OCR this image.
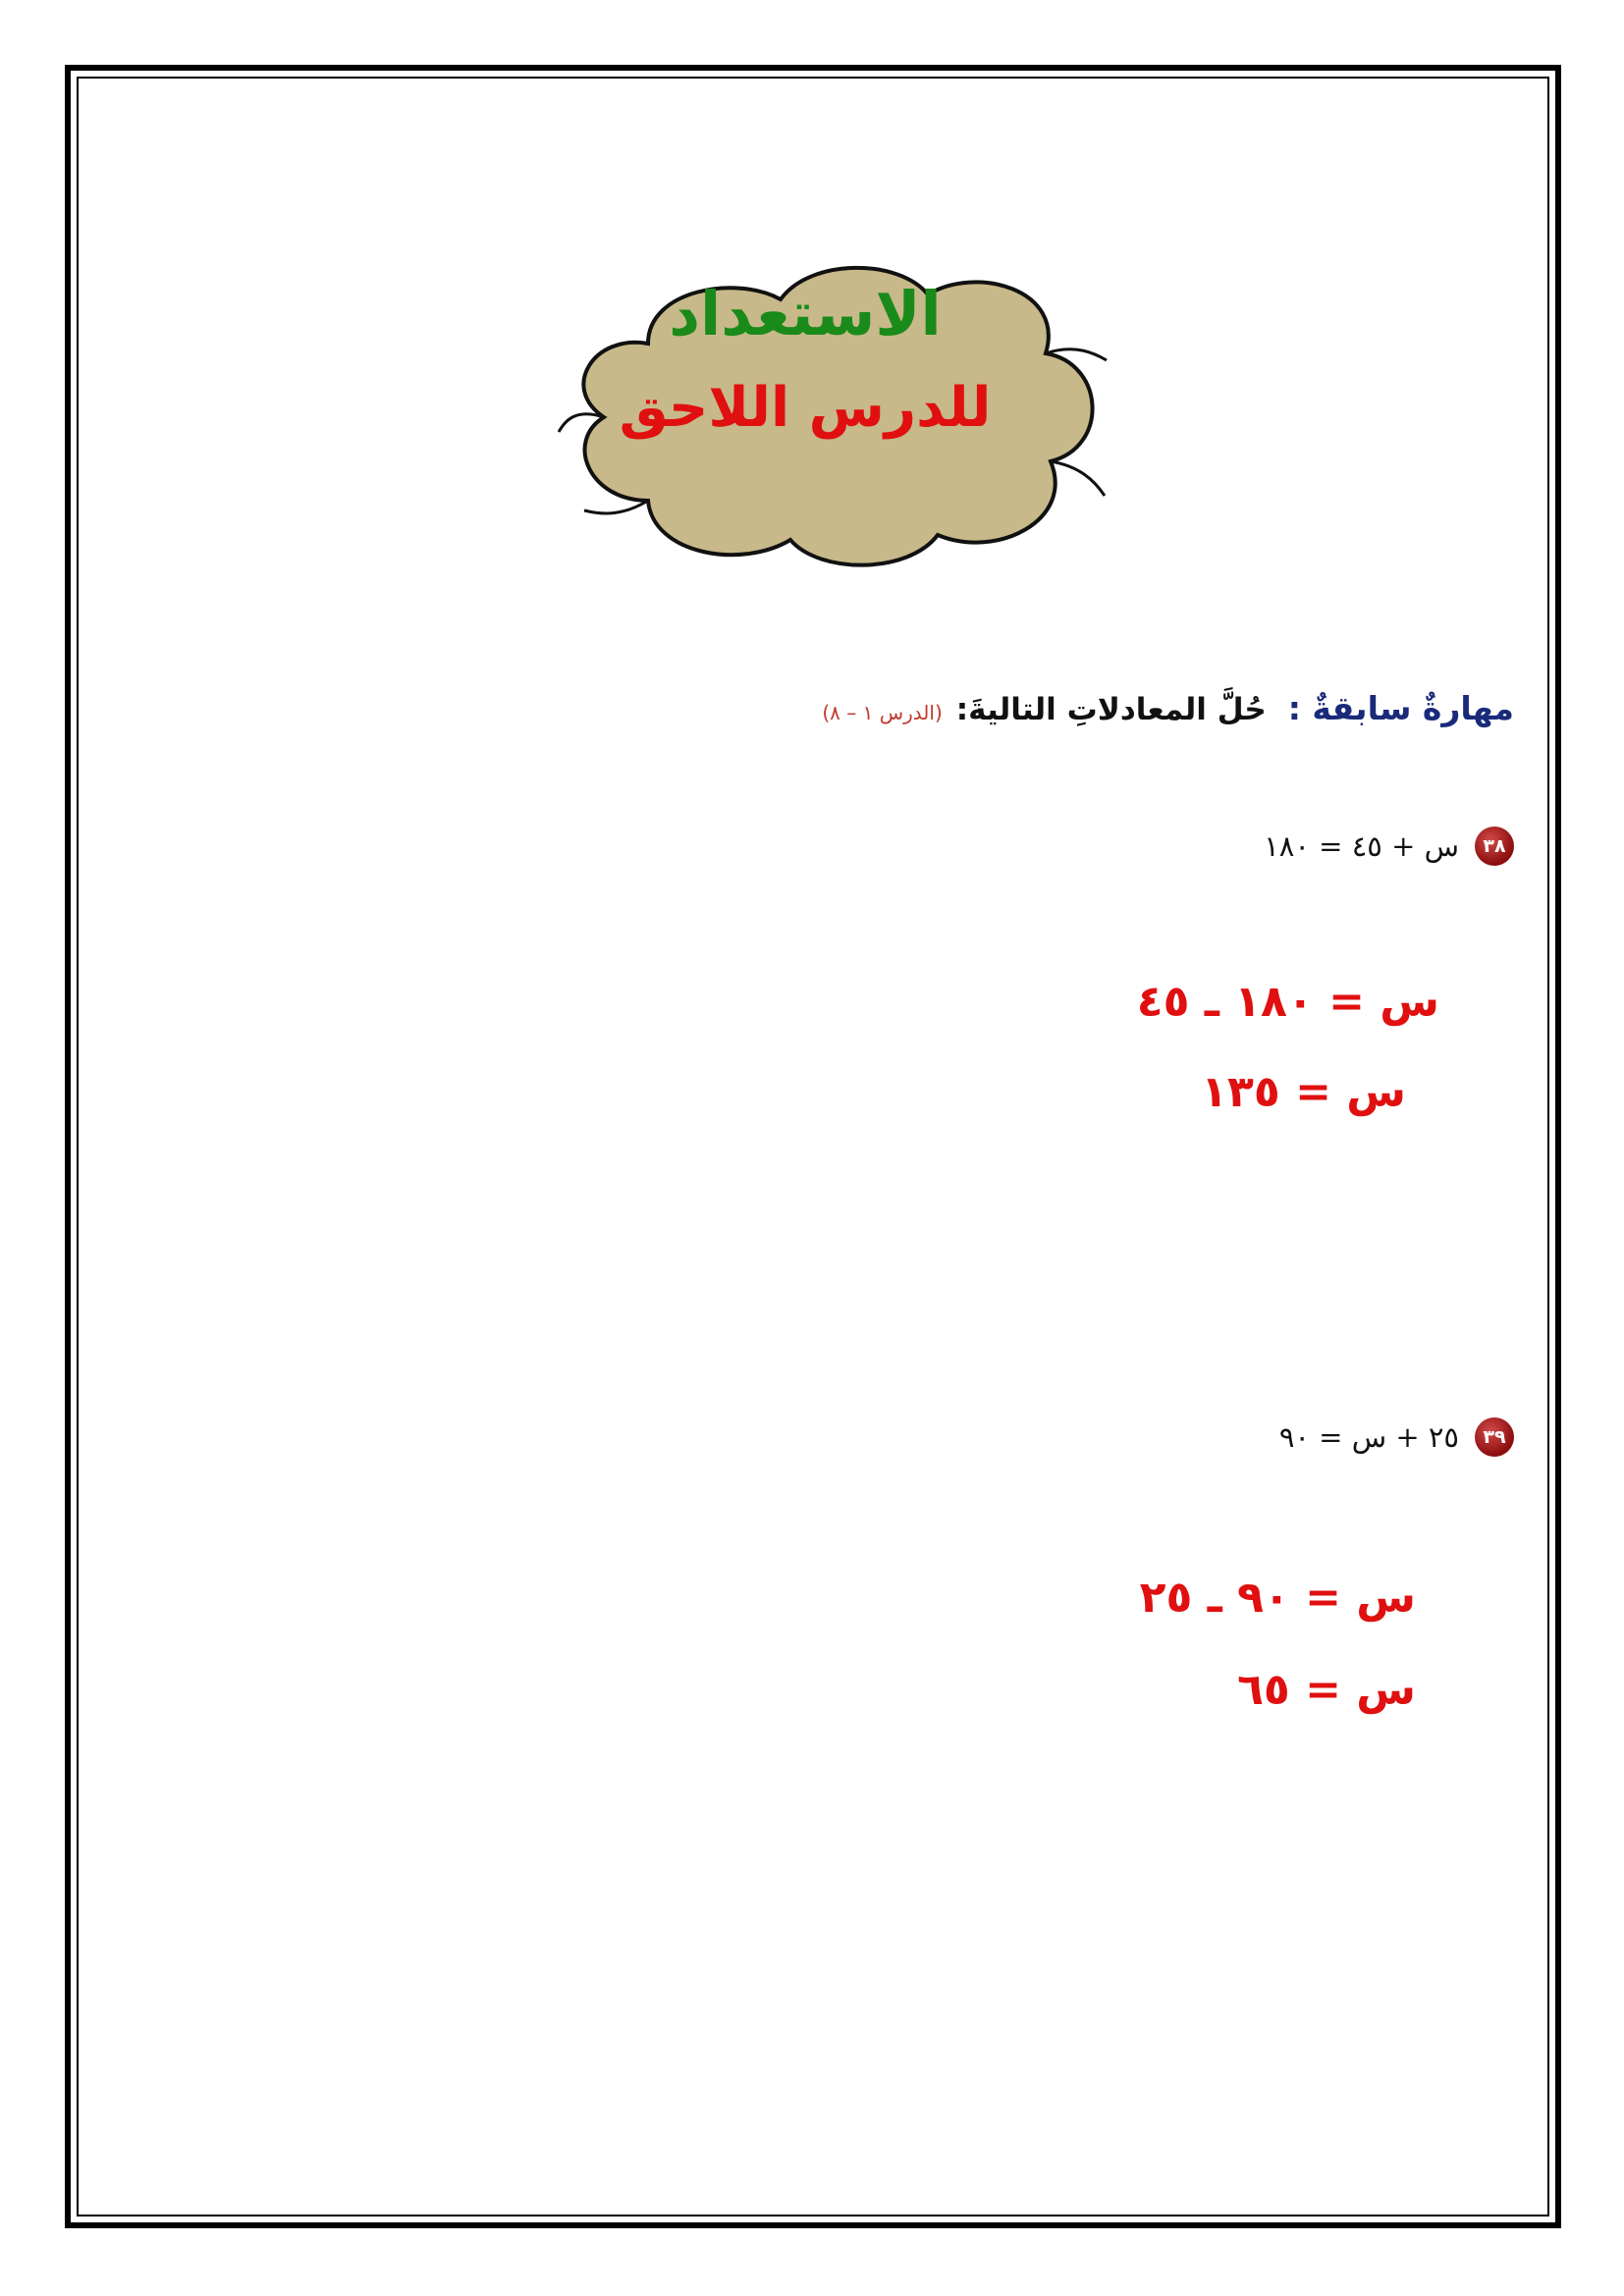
الاستعداد
للدرس اللاحق
مهارةٌ سابقةٌ :حُلَّ المعادلاتِ التاليةَ:(الدرس ١ – ٨)
٣٨
س + ٤٥ = ١٨٠
س = ١٨٠ ـ ٤٥
س = ١٣٥
٣٩
٢٥ + س = ٩٠
س = ٩٠ ـ ٢٥
س = ٦٥
